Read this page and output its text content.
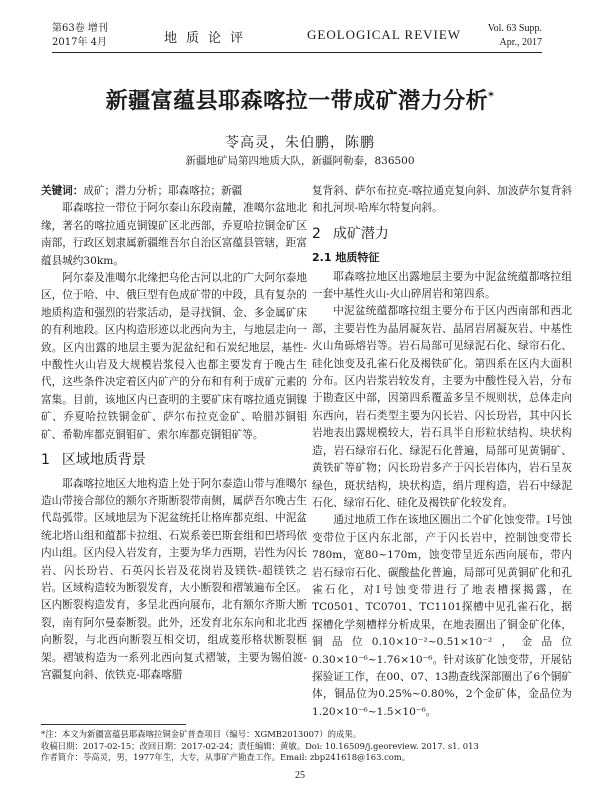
第63卷 增刊
2017年 4月	地质论评	GEOLOGICAL REVIEW	Vol. 63 Supp.
Apr., 2017
新疆富蕴县耶森喀拉一带成矿潜力分析*
苓高灵，朱伯鹏，陈鹏
新疆地矿局第四地质大队，新疆阿勒泰，836500

关键词：成矿；潜力分析；耶森喀拉；新疆

耶森喀拉一带位于阿尔泰山东段南麓，准噶尔盆地北缘，著名的喀拉通克铜镍矿区北西部，乔夏哈拉铜金矿区南部，行政区划隶属新疆维吾尔自治区富蕴县管辖，距富蕴县城约30km。

阿尔泰及准噶尔北缘把乌伦古河以北的广大阿尔泰地区，位于哈、中、俄巨型有色成矿带的中段，具有复杂的地质构造和强烈的岩浆活动，是寻找铜、金、多金属矿床的有利地段。区内构造形迹以北西向为主，与地层走向一致。区内出露的地层主要为泥盆纪和石炭纪地层，基性-中酸性火山岩及大规模岩浆侵入也都主要发育于晚古生代，这些条件决定着区内矿产的分布和有利于成矿元素的富集。目前，该地区内已查明的主要矿床有喀拉通克铜镍矿、乔夏哈拉铁铜金矿、萨尔布拉克金矿、哈腊苏铜钼矿、希勒库都克铜钼矿、索尔库都克铜钼矿等。

1 区域地质背景

耶森喀拉地区大地构造上处于阿尔泰造山带与准噶尔造山带接合部位的额尔齐斯断裂带南侧，属萨吾尔晚古生代岛弧带。区域地层为下泥盆统托让格库都克组、中泥盆统北塔山组和蕴都卡拉组、石炭系姜巴斯套组和巴塔玛依内山组。区内侵入岩发育，主要为华力西期，岩性为闪长岩、闪长玢岩、石英闪长岩及花岗岩及镁铁-超镁铁之岩。区域构造较为断裂发育，大小断裂和褶皱遍布全区。区内断裂构造发育，多呈北西向展布，北有额尔齐斯大断裂，南有阿尔曼泰断裂。此外，还发育北东东向和北北西向断裂，与北西向断裂互相交切，组成菱形格状断裂框架。褶皱构造为一系列北西向复式褶皱，主要为锡伯渡-宫疆复向斜、依铁克-耶森喀腊

复背斜、萨尔布拉克-喀拉通克复向斜、加波萨尔复背斜和扎河坝-哈库尔特复向斜。

2 成矿潜力
2.1 地质特征

耶森喀拉地区出露地层主要为中泥盆统蕴都喀拉组一套中基性火山-火山碎屑岩和第四系。

中泥盆统蕴都喀拉组主要分布于区内西南部和西北部，主要岩性为晶屑凝灰岩、晶屑岩屑凝灰岩、中基性火山角砾熔岩等。岩石局部可见绿泥石化、绿帘石化、硅化蚀变及孔雀石化及褐铁矿化。第四系在区内大面积分布。区内岩浆岩较发育，主要为中酸性侵入岩，分布于勘查区中部，因第四系覆盖多呈不规则状，总体走向东西向，岩石类型主要为闪长岩、闪长玢岩，其中闪长岩地表出露规模较大，岩石具半自形粒状结构、块状构造，岩石绿帘石化、绿泥石化普遍，局部可见黄铜矿、黄铁矿等矿物；闪长玢岩多产于闪长岩体内，岩石呈灰绿色，斑状结构，块状构造，绢片理构造，岩石中绿泥石化、绿帘石化、硅化及褐铁矿化较发育。

通过地质工作在该地区圈出二个矿化蚀变带。Ⅰ号蚀变带位于区内东北部，产于闪长岩中，控制蚀变带长780m，宽80~170m，蚀变带呈近东西向展布，带内岩石绿帘石化、碳酸盐化普遍，局部可见黄铜矿化和孔雀石化，对Ⅰ号蚀变带进行了地表槽探揭露，在TC0501、TC0701、TC1101探槽中见孔雀石化，据探槽化学刻槽样分析成果，在地表圈出了铜金矿化体，铜品位0.10×10⁻²~0.51×10⁻²，金品位0.30×10⁻⁶~1.76×10⁻⁶。针对该矿化蚀变带，开展钻探验证工作，在00、07、13勘查线深部圈出了6个铜矿体，铜品位为0.25%~0.80%，2个金矿体，金品位为1.20×10⁻⁶~1.5×10⁻⁶。

*注：本文为新疆富蕴县耶森喀拉铜金矿普查项目（编号：XGMB2013007）的成果。
收稿日期：2017-02-15；改回日期：2017-02-24；责任编辑：黄敏。Doi: 10.16509/j.georeview. 2017. s1. 013
作者简介：苓高灵，男，1977年生，大专，从事矿产勘查工作。Email: zbp241618@163.com。
25
